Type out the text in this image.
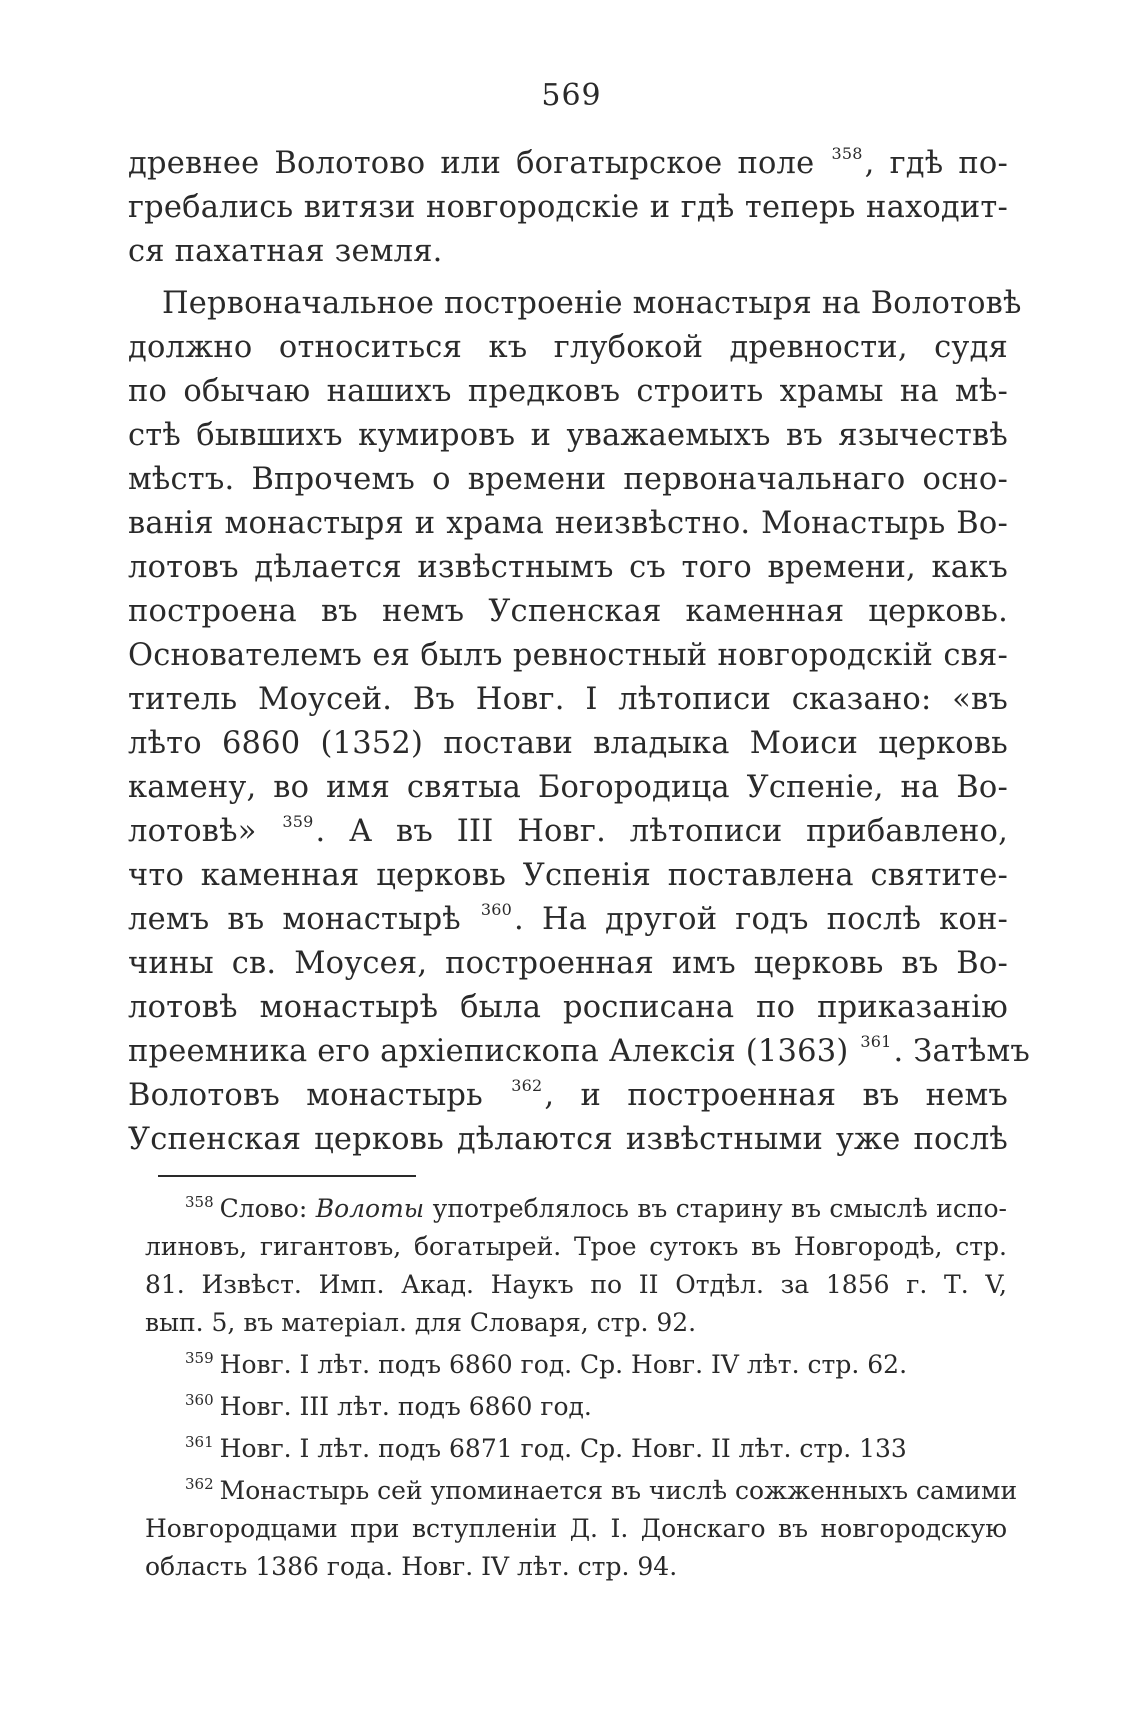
569
древнее Волотово или богатырское поле $^{358}$, гдѣ по-
гребались витязи новгородскіе и гдѣ теперь находит-
ся пахатная земля.
Первоначальное построеніе монастыря на Волотовѣ
должно относиться къ глубокой древности, судя
по обычаю нашихъ предковъ строить храмы на мѣ-
стѣ бывшихъ кумировъ и уважаемыхъ въ язычествѣ
мѣстъ. Впрочемъ о времени первоначальнаго осно-
ванія монастыря и храма неизвѣстно. Монастырь Во-
лотовъ дѣлается извѣстнымъ съ того времени, какъ
построена въ немъ Успенская каменная церковь.
Основателемъ ея былъ ревностный новгородскій свя-
титель Моусей. Въ Новг. I лѣтописи сказано: «въ
лѣто 6860 (1352) постави владыка Моиси церковь
камену, во имя святыа Богородица Успеніе, на Во-
лотовѣ» $^{359}$. А въ III Новг. лѣтописи прибавлено,
что каменная церковь Успенія поставлена святите-
лемъ въ монастырѣ $^{360}$. На другой годъ послѣ кон-
чины св. Моусея, построенная имъ церковь въ Во-
лотовѣ монастырѣ была росписана по приказанію
преемника его архіепископа Алексія (1363) $^{361}$. Затѣмъ
Волотовъ монастырь $^{362}$, и построенная въ немъ
Успенская церковь дѣлаются извѣстными уже послѣ
$^{358}$ Слово: Волоты употреблялось въ старину въ смыслѣ испо-
линовъ, гигантовъ, богатырей. Трое сутокъ въ Новгородѣ, стр.
81. Извѣст. Имп. Акад. Наукъ по II Отдѣл. за 1856 г. Т. V,
вып. 5, въ матеріал. для Словаря, стр. 92.
$^{359}$ Новг. I лѣт. подъ 6860 год. Ср. Новг. IV лѣт. стр. 62.
$^{360}$ Новг. III лѣт. подъ 6860 год.
$^{361}$ Новг. I лѣт. подъ 6871 год. Ср. Новг. II лѣт. стр. 133
$^{362}$ Монастырь сей упоминается въ числѣ сожженныхъ самими
Новгородцами при вступленіи Д. І. Донскаго въ новгородскую
область 1386 года. Новг. IV лѣт. стр. 94.
